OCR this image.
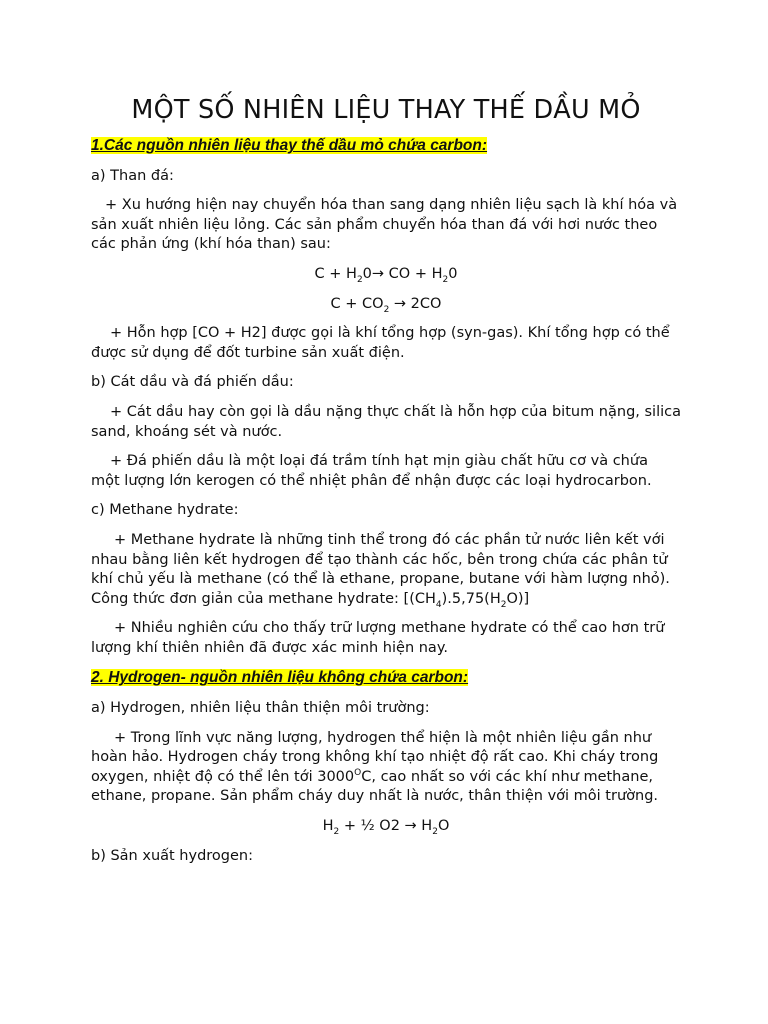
MỘT SỐ NHIÊN LIỆU THAY THẾ DẦU MỎ

1.Các nguồn nhiên liệu thay thế dầu mỏ chứa carbon:

a) Than đá:

+ Xu hướng hiện nay chuyển hóa than sang dạng nhiên liệu sạch là khí hóa và sản xuất nhiên liệu lỏng. Các sản phẩm chuyển hóa than đá với hơi nước theo các phản ứng (khí hóa than) sau:

$C + H_20\to$ CO + $H_20$

$C + CO_2 \to 2CO$

+ Hỗn hợp [CO + H2] được gọi là khí tổng hợp (syn-gas). Khí tổng hợp có thể được sử dụng để đốt turbine sản xuất điện.

b) Cát dầu và đá phiến dầu:

+ Cát dầu hay còn gọi là dầu nặng thực chất là hỗn hợp của bitum nặng, silica sand, khoáng sét và nước.

+ Đá phiến dầu là một loại đá trầm tính hạt mịn giàu chất hữu cơ và chứa một lượng lớn kerogen có thể nhiệt phân để nhận được các loại hydrocarbon.

c) Methane hydrate:

+ Methane hydrate là những tinh thể trong đó các phần tử nước liên kết với nhau bằng liên kết hydrogen để tạo thành các hốc, bên trong chứa các phân tử khí chủ yếu là methane (có thể là ethane, propane, butane với hàm lượng nhỏ). Công thức đơn giản của methane hydrate: $[(CH_4).5,75(H_2O)]$

+ Nhiều nghiên cứu cho thấy trữ lượng methane hydrate có thể cao hơn trữ lượng khí thiên nhiên đã được xác minh hiện nay.

2. Hydrogen- nguồn nhiên liệu không chứa carbon:

a) Hydrogen, nhiên liệu thân thiện môi trường:

+ Trong lĩnh vực năng lượng, hydrogen thể hiện là một nhiên liệu gần như hoàn hảo. Hydrogen cháy trong không khí tạo nhiệt độ rất cao. Khi cháy trong oxygen, nhiệt độ có thể lên tới $3000^OC$, cao nhất so với các khí như methane, ethane, propane. Sản phẩm cháy duy nhất là nước, thân thiện với môi trường.

$H_2$ + ½ $O2 \to H_2O$

b) Sản xuất hydrogen:
